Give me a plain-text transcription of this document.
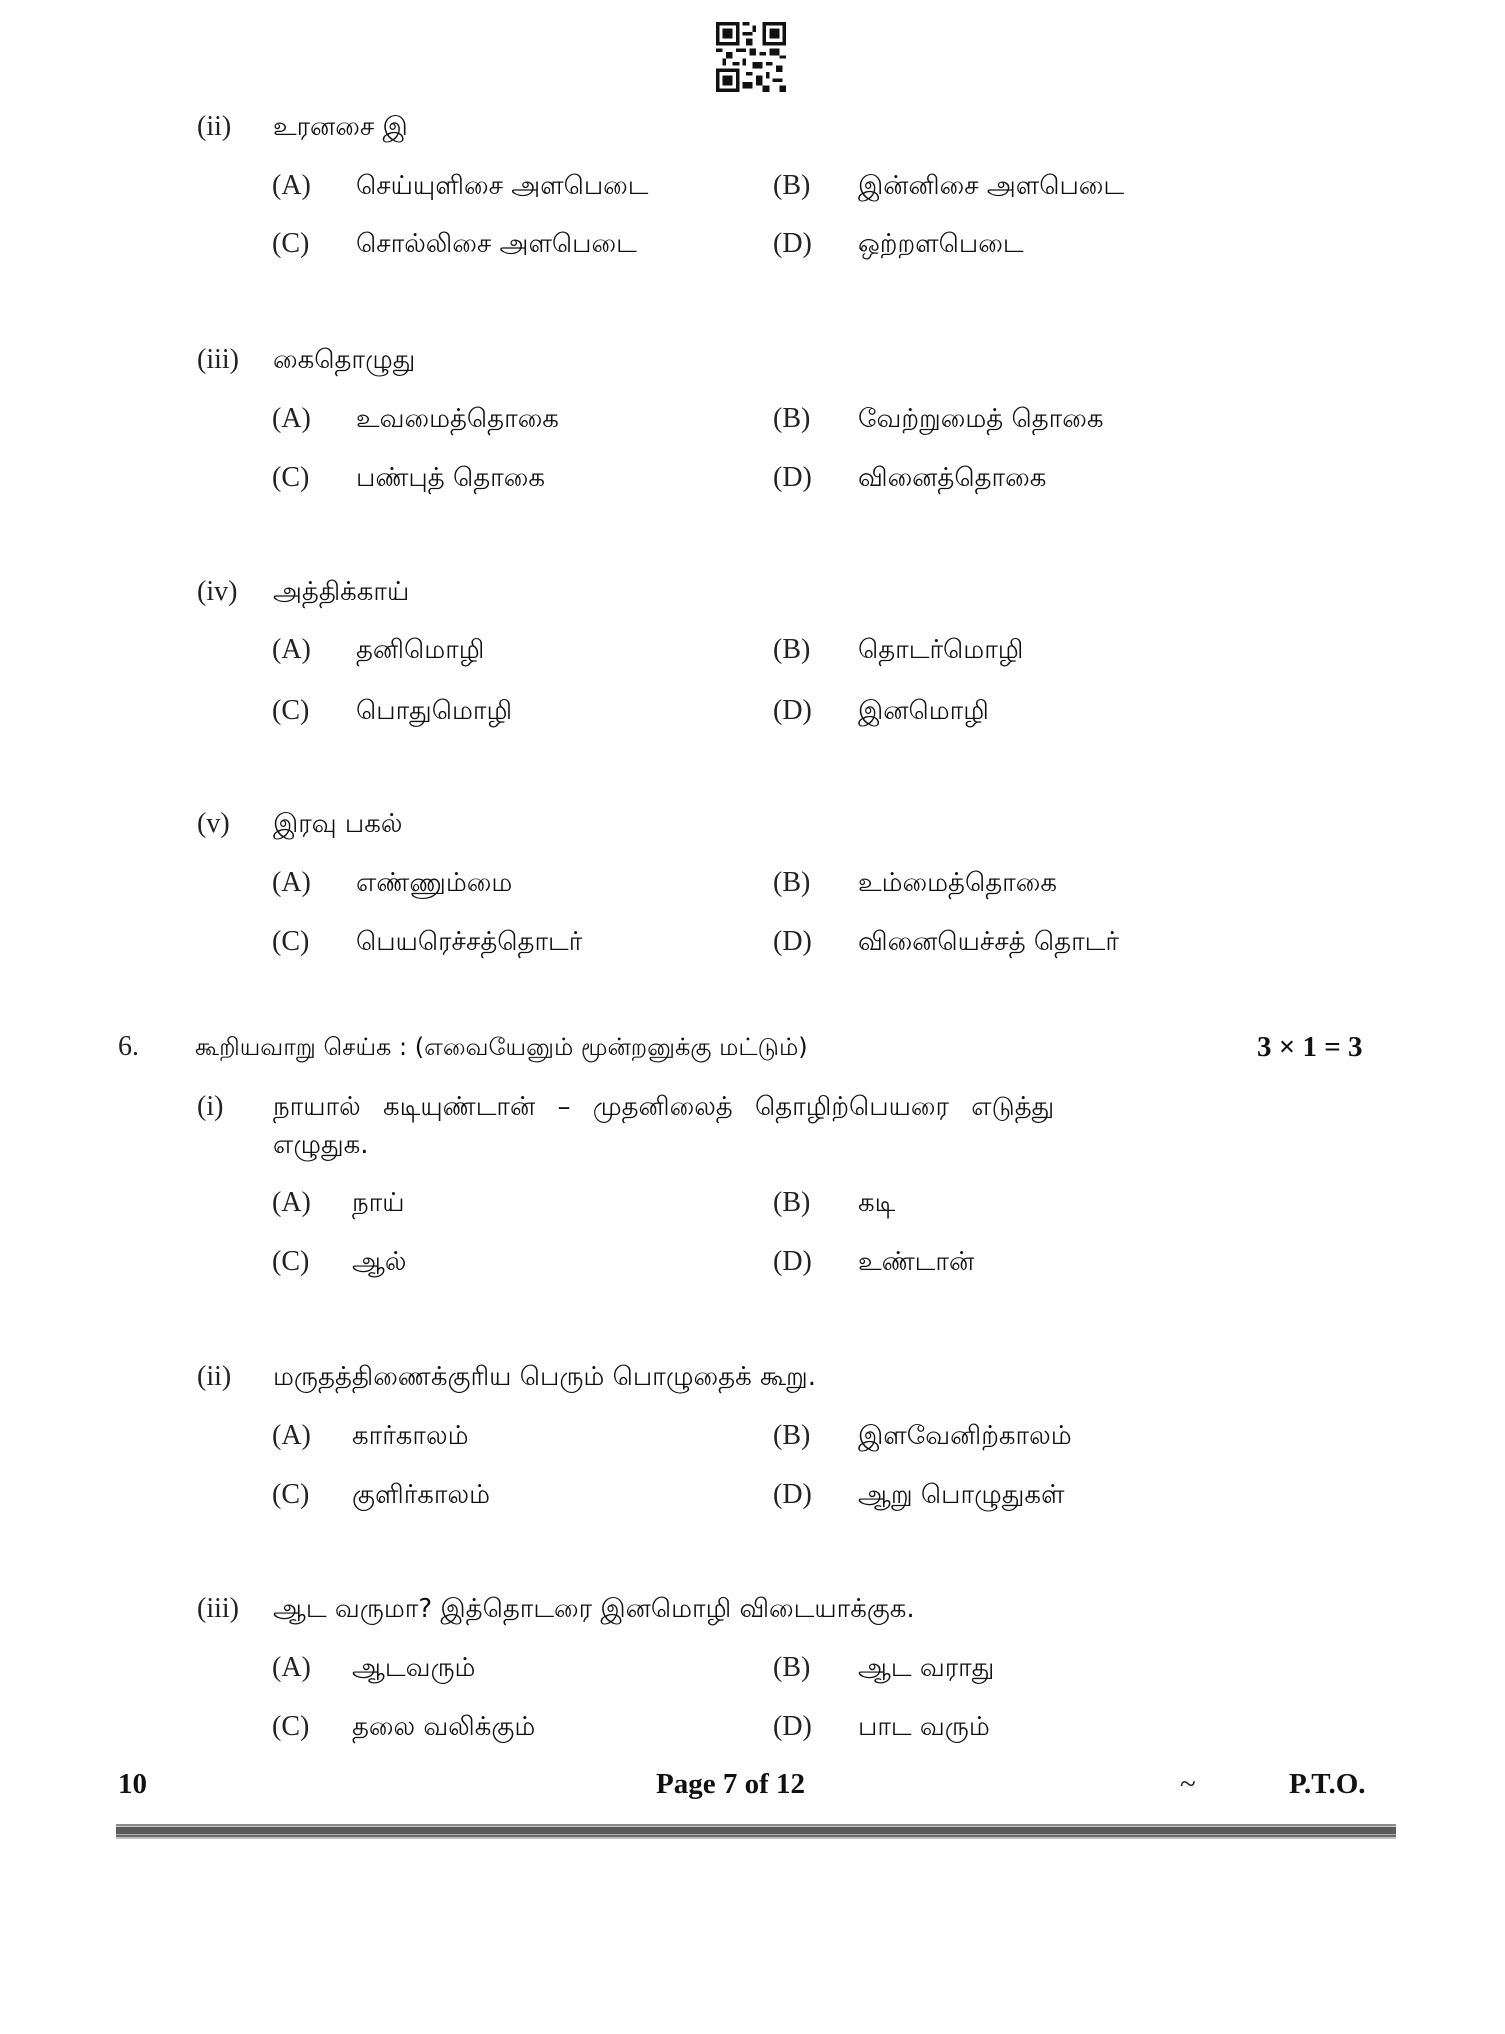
(ii) உரனசை இ
(A) செய்யுளிசை அளபெடை	(B) இன்னிசை அளபெடை
(C) சொல்லிசை அளபெடை	(D) ஒற்றளபெடை
(iii) கைதொழுது
(A) உவமைத்தொகை	(B) வேற்றுமைத் தொகை
(C) பண்புத் தொகை	(D) வினைத்தொகை
(iv) அத்திக்காய்
(A) தனிமொழி	(B) தொடர்மொழி
(C) பொதுமொழி	(D) இனமொழி
(v) இரவு பகல்
(A) எண்ணும்மை	(B) உம்மைத்தொகை
(C) பெயரெச்சத்தொடர்	(D) வினையெச்சத் தொடர்
6. கூறியவாறு செய்க : (எவையேனும் மூன்றனுக்கு மட்டும்)	3 × 1 = 3
(i) நாயால் கடியுண்டான் – முதனிலைத் தொழிற்பெயரை எடுத்து
எழுதுக.
(A) நாய்	(B) கடி
(C) ஆல்	(D) உண்டான்
(ii) மருதத்திணைக்குரிய பெரும் பொழுதைக் கூறு.
(A) கார்காலம்	(B) இளவேனிற்காலம்
(C) குளிர்காலம்	(D) ஆறு பொழுதுகள்
(iii) ஆட வருமா? இத்தொடரை இனமொழி விடையாக்குக.
(A) ஆடவரும்	(B) ஆட வராது
(C) தலை வலிக்கும்	(D) பாட வரும்
10	Page 7 of 12	~	P.T.O.
